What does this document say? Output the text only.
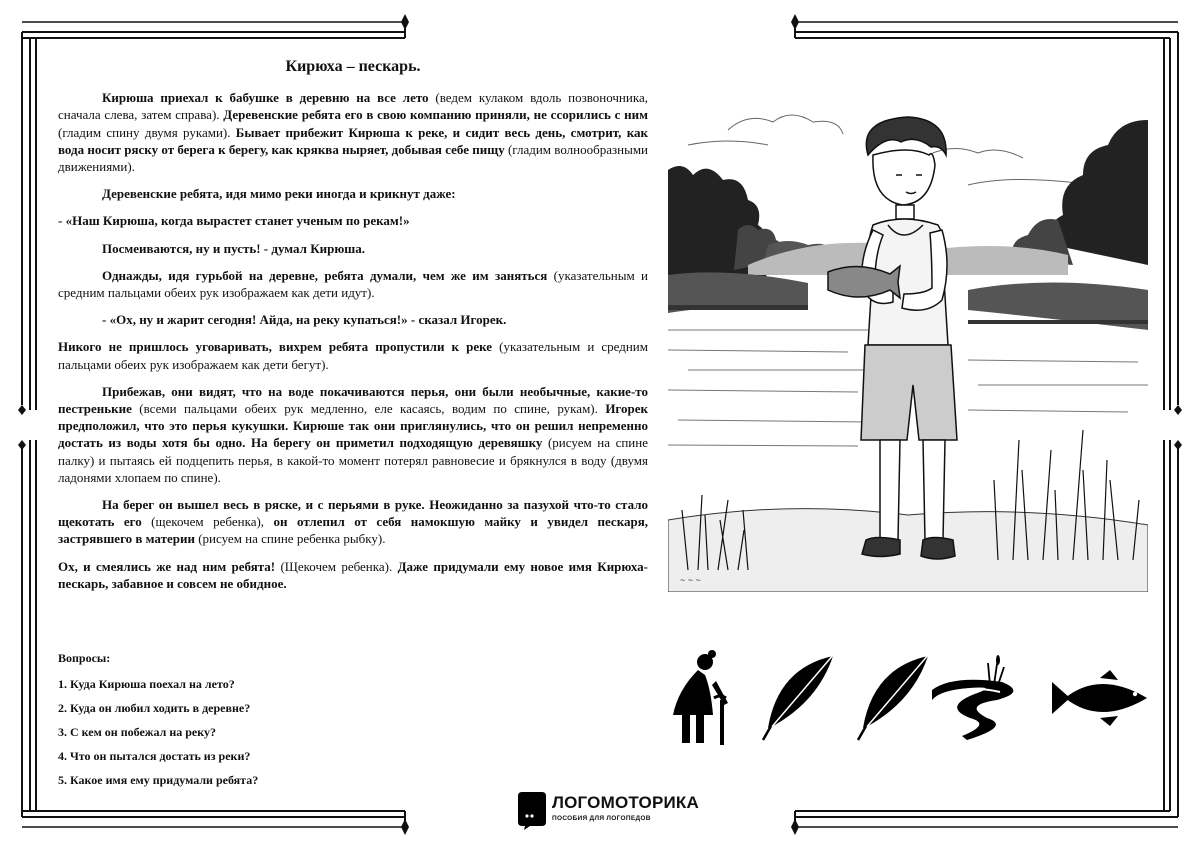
Кирюха – пескарь.
Кирюша приехал к бабушке в деревню на все лето (ведем кулаком вдоль позвоночника, сначала слева, затем справа). Деревенские ребята его в свою компанию приняли, не ссорились с ним (гладим спину двумя руками). Бывает прибежит Кирюша к реке, и сидит весь день, смотрит, как вода носит ряску от берега к берегу, как кряква ныряет, добывая себе пищу (гладим волнообразными движениями).
Деревенские ребята, идя мимо реки иногда и крикнут даже:
- «Наш Кирюша, когда вырастет станет ученым по рекам!»
Посмеиваются, ну и пусть! - думал Кирюша.
Однажды, идя гурьбой на деревне, ребята думали, чем же им заняться (указательным и средним пальцами обеих рук изображаем как дети идут).
- «Ох, ну и жарит сегодня! Айда, на реку купаться!» - сказал Игорек.
Никого не пришлось уговаривать, вихрем ребята пропустили к реке (указательным и средним пальцами обеих рук изображаем как дети бегут).
Прибежав, они видят, что на воде покачиваются перья, они были необычные, какие-то пестренькие (всеми пальцами обеих рук медленно, еле касаясь, водим по спине, рукам). Игорек предположил, что это перья кукушки. Кирюше так они приглянулись, что он решил непременно достать из воды хотя бы одно. На берегу он приметил подходящую деревяшку (рисуем на спине палку) и пытаясь ей подцепить перья, в какой-то момент потерял равновесие и брякнулся в воду (двумя ладонями хлопаем по спине).
На берег он вышел весь в ряске, и с перьями в руке. Неожиданно за пазухой что-то стало щекотать его (щекочем ребенка), он отлепил от себя намокшую майку и увидел пескаря, застрявшего в материи (рисуем на спине ребенка рыбку).
Ох, и смеялись же над ним ребята! (Щекочем ребенка). Даже придумали ему новое имя Кирюха- пескарь, забавное и совсем не обидное.
Вопросы:
1. Куда Кирюша поехал на лето?
2. Куда он любил ходить в деревне?
3. С кем он побежал на реку?
4. Что он пытался достать из реки?
5. Какое имя ему придумали ребята?
~ ~ ~
ЛОГОМОТОРИКА
ПОСОБИЯ ДЛЯ ЛОГОПЕДОВ
